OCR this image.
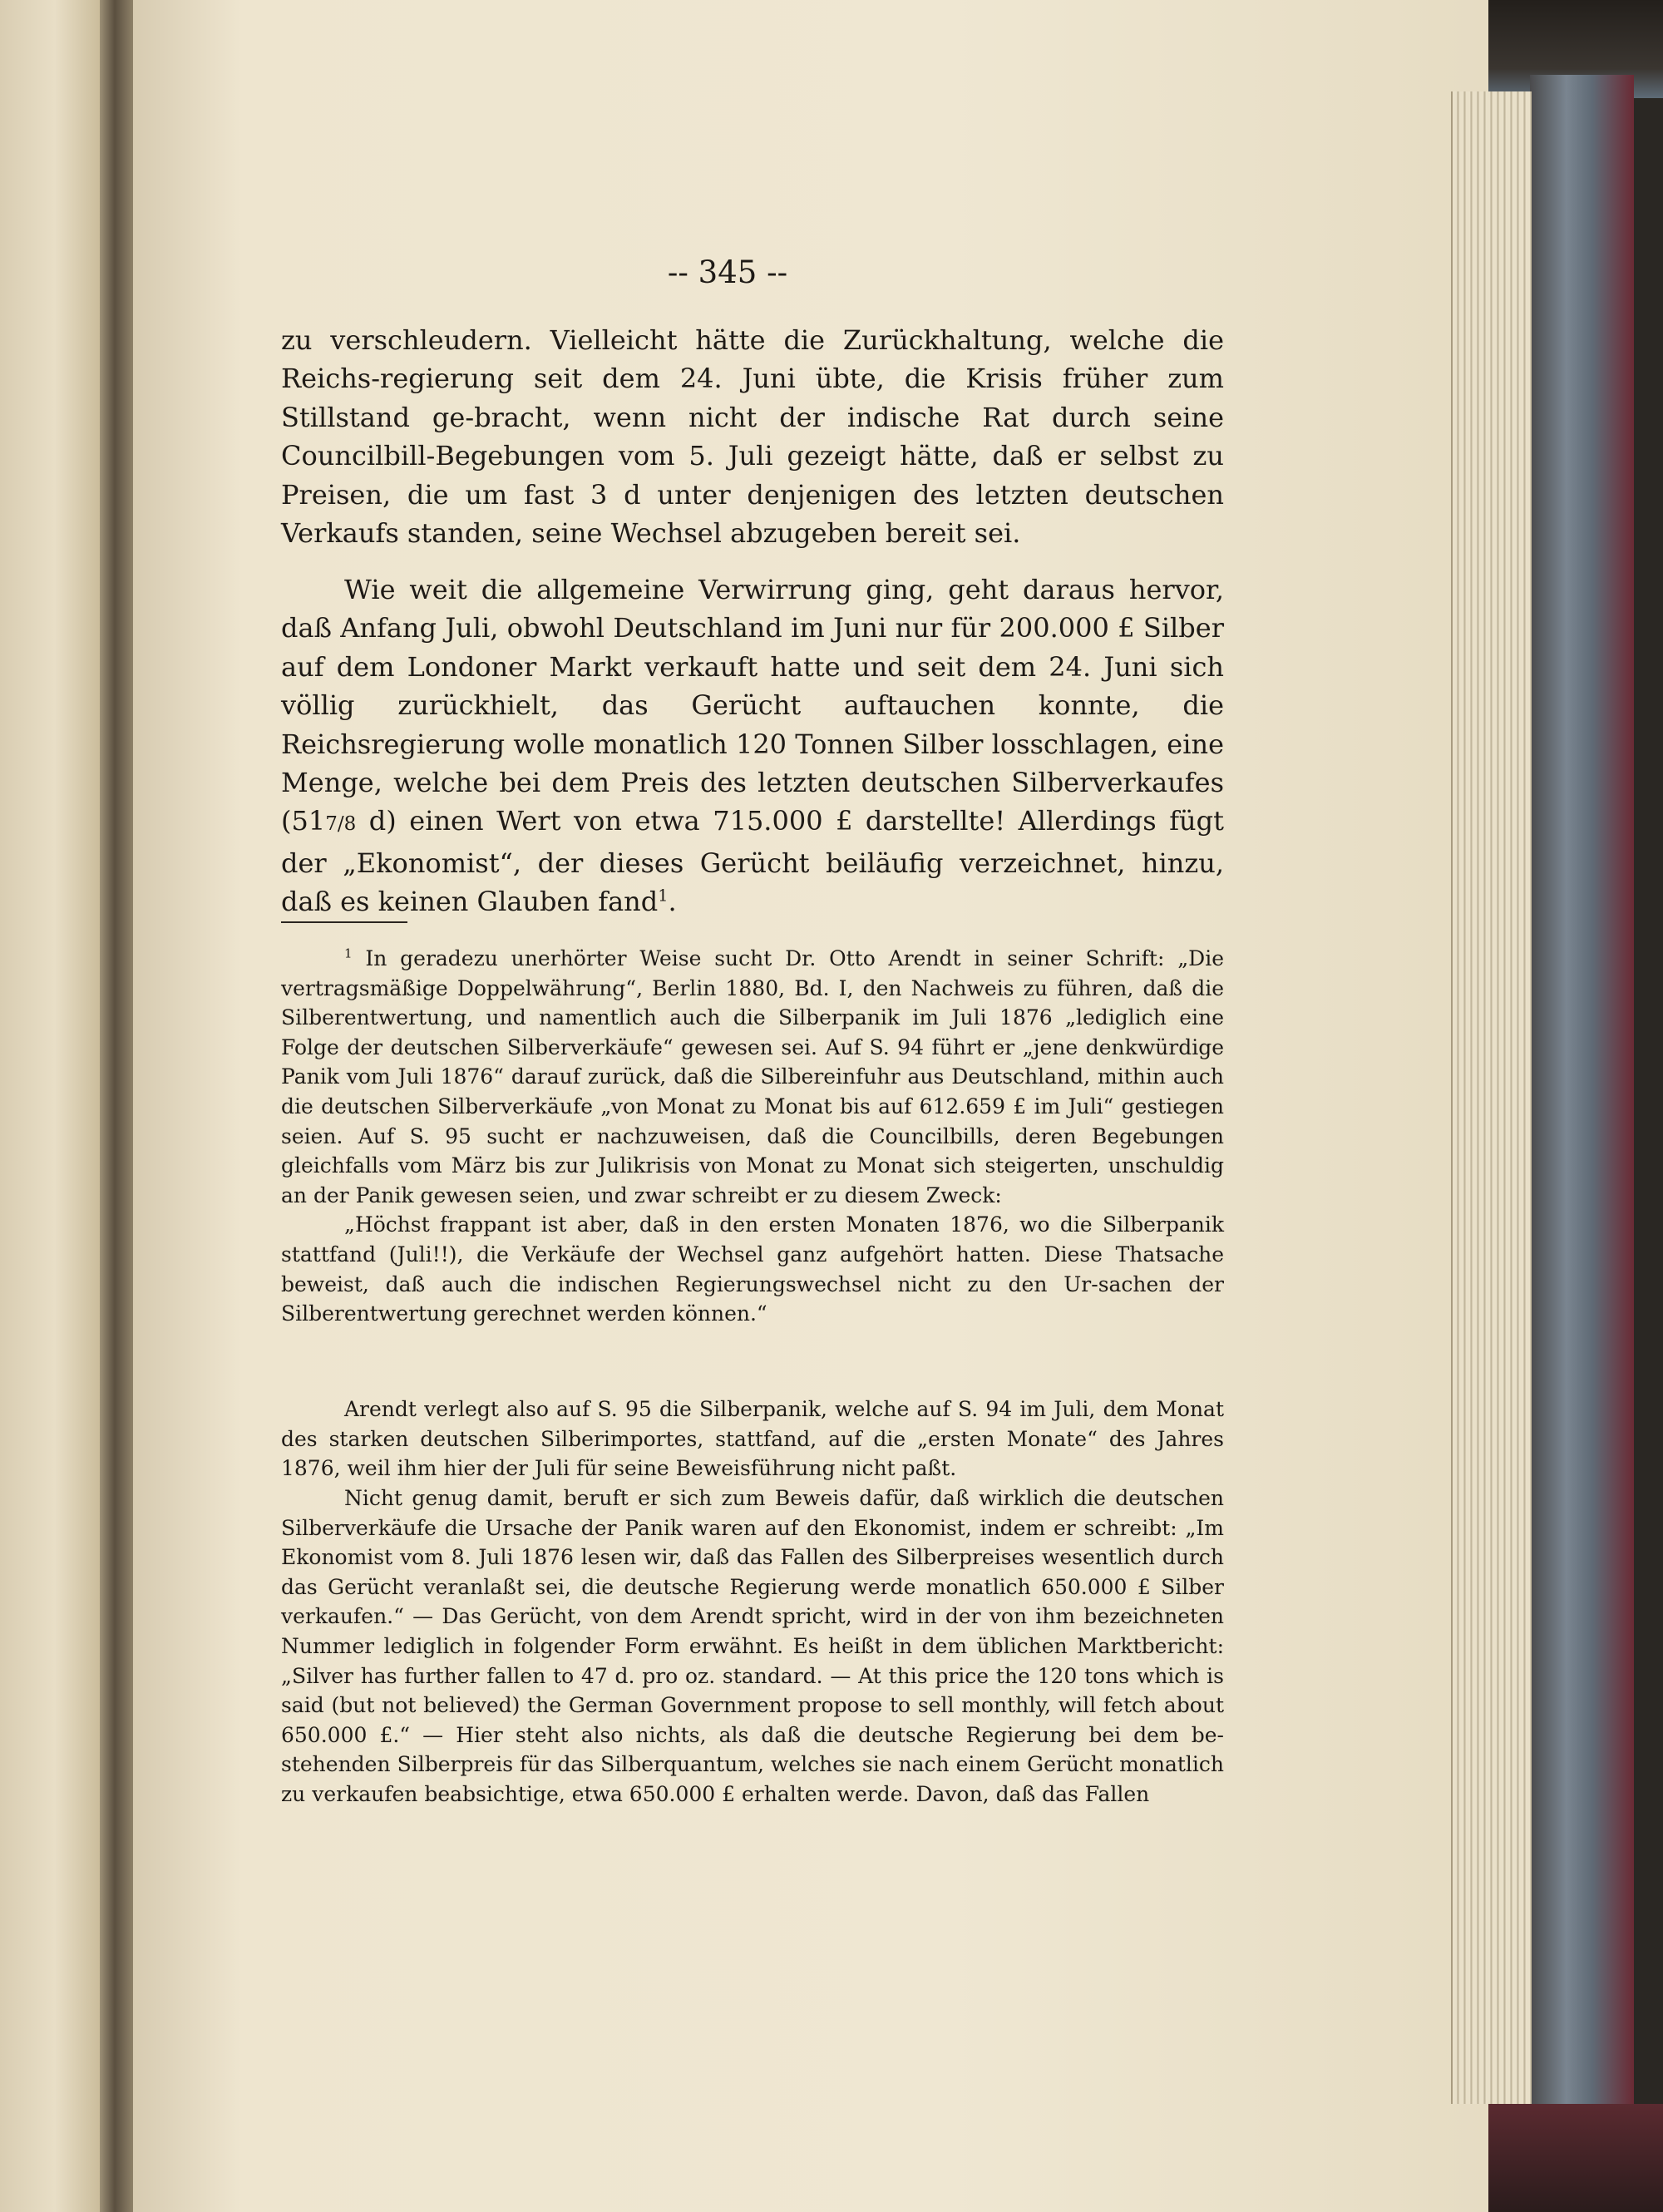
-- 345 --

zu verschleudern. Vielleicht hätte die Zurückhaltung, welche die Reichs-regierung seit dem 24. Juni übte, die Krisis früher zum Stillstand ge-bracht, wenn nicht der indische Rat durch seine Councilbill-Begebungen vom 5. Juli gezeigt hätte, daß er selbst zu Preisen, die um fast 3 d unter denjenigen des letzten deutschen Verkaufs standen, seine Wechsel abzugeben bereit sei.

Wie weit die allgemeine Verwirrung ging, geht daraus hervor, daß Anfang Juli, obwohl Deutschland im Juni nur für 200.000 £ Silber auf dem Londoner Markt verkauft hatte und seit dem 24. Juni sich völlig zurückhielt, das Gerücht auftauchen konnte, die Reichsregierung wolle monatlich 120 Tonnen Silber losschlagen, eine Menge, welche bei dem Preis des letzten deutschen Silberverkaufes (517/8 d) einen Wert von etwa 715.000 £ darstellte! Allerdings fügt der „Ekonomist“, der dieses Gerücht beiläufig verzeichnet, hinzu, daß es keinen Glauben fand$^1$.

$^1$ In geradezu unerhörter Weise sucht Dr. Otto Arendt in seiner Schrift: „Die vertragsmäßige Doppelwährung“, Berlin 1880, Bd. I, den Nachweis zu führen, daß die Silberentwertung, und namentlich auch die Silberpanik im Juli 1876 „lediglich eine Folge der deutschen Silberverkäufe“ gewesen sei. Auf S. 94 führt er „jene denkwürdige Panik vom Juli 1876“ darauf zurück, daß die Silbereinfuhr aus Deutschland, mithin auch die deutschen Silberverkäufe „von Monat zu Monat bis auf 612.659 £ im Juli“ gestiegen seien. Auf S. 95 sucht er nachzuweisen, daß die Councilbills, deren Begebungen gleichfalls vom März bis zur Julikrisis von Monat zu Monat sich steigerten, unschuldig an der Panik gewesen seien, und zwar schreibt er zu diesem Zweck:

„Höchst frappant ist aber, daß in den ersten Monaten 1876, wo die Silberpanik stattfand (Juli!!), die Verkäufe der Wechsel ganz aufgehört hatten. Diese Thatsache beweist, daß auch die indischen Regierungswechsel nicht zu den Ur-sachen der Silberentwertung gerechnet werden können.“

Arendt verlegt also auf S. 95 die Silberpanik, welche auf S. 94 im Juli, dem Monat des starken deutschen Silberimportes, stattfand, auf die „ersten Monate“ des Jahres 1876, weil ihm hier der Juli für seine Beweisführung nicht paßt.

Nicht genug damit, beruft er sich zum Beweis dafür, daß wirklich die deutschen Silberverkäufe die Ursache der Panik waren auf den Ekonomist, indem er schreibt: „Im Ekonomist vom 8. Juli 1876 lesen wir, daß das Fallen des Silberpreises wesentlich durch das Gerücht veranlaßt sei, die deutsche Regierung werde monatlich 650.000 £ Silber verkaufen.“ — Das Gerücht, von dem Arendt spricht, wird in der von ihm bezeichneten Nummer lediglich in folgender Form erwähnt. Es heißt in dem üblichen Marktbericht: „Silver has further fallen to 47 d. pro oz. standard. — At this price the 120 tons which is said (but not believed) the German Government propose to sell monthly, will fetch about 650.000 £.“ — Hier steht also nichts, als daß die deutsche Regierung bei dem be-stehenden Silberpreis für das Silberquantum, welches sie nach einem Gerücht monatlich zu verkaufen beabsichtige, etwa 650.000 £ erhalten werde. Davon, daß das Fallen
